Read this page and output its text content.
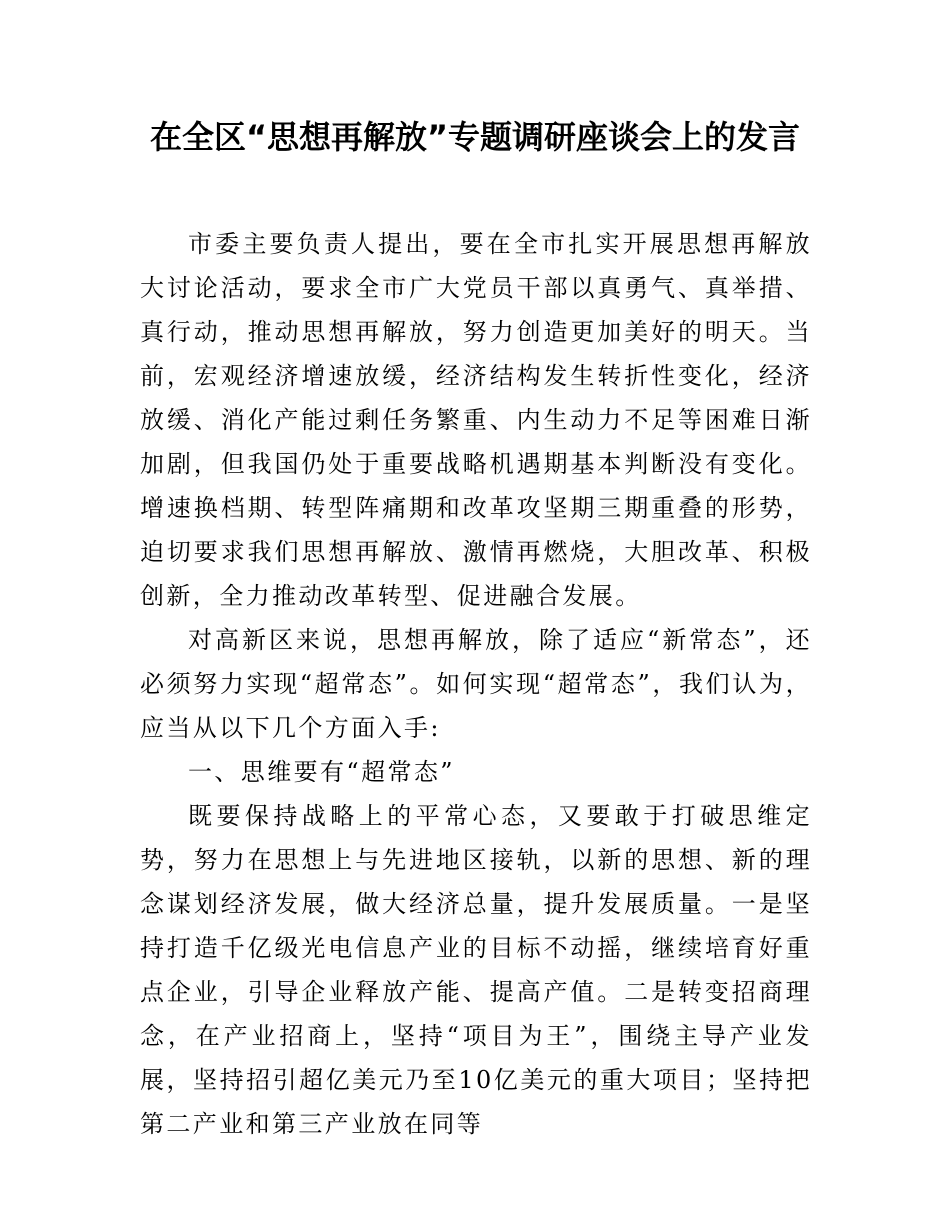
在全区“思想再解放”专题调研座谈会上的发言

市委主要负责人提出，要在全市扎实开展思想再解放大讨论活动，要求全市广大党员干部以真勇气、真举措、真行动，推动思想再解放，努力创造更加美好的明天。当前，宏观经济增速放缓，经济结构发生转折性变化，经济放缓、消化产能过剩任务繁重、内生动力不足等困难日渐加剧，但我国仍处于重要战略机遇期基本判断没有变化。增速换档期、转型阵痛期和改革攻坚期三期重叠的形势，迫切要求我们思想再解放、激情再燃烧，大胆改革、积极创新，全力推动改革转型、促进融合发展。

对高新区来说，思想再解放，除了适应“新常态”，还必须努力实现“超常态”。如何实现“超常态”，我们认为，应当从以下几个方面入手:

一、思维要有“超常态”

既要保持战略上的平常心态，又要敢于打破思维定势，努力在思想上与先进地区接轨，以新的思想、新的理念谋划经济发展，做大经济总量，提升发展质量。一是坚持打造千亿级光电信息产业的目标不动摇，继续培育好重点企业，引导企业释放产能、提高产值。二是转变招商理念，在产业招商上，坚持“项目为王”，围绕主导产业发展，坚持招引超亿美元乃至10亿美元的重大项目；坚持把第二产业和第三产业放在同等
